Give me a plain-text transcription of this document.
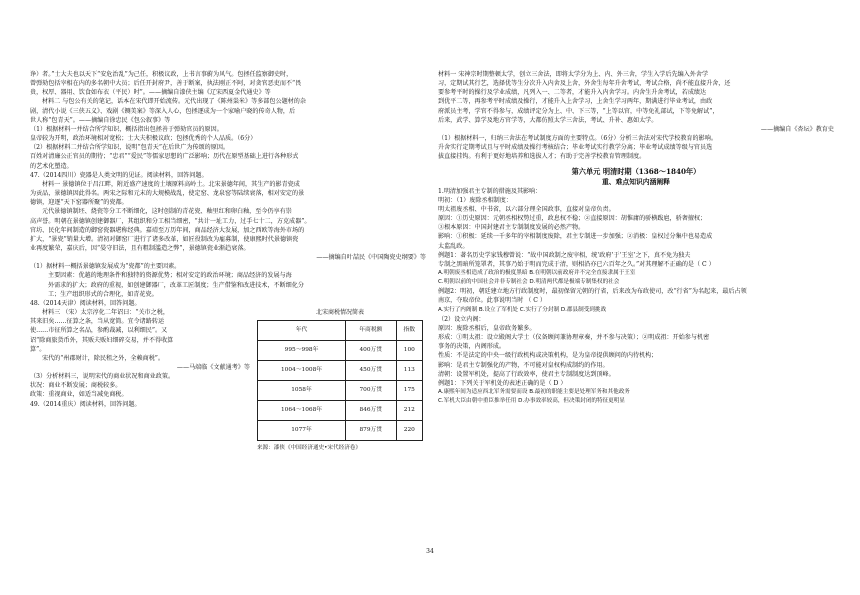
诤）者。”士大夫也以天下“安危治乱”为己任，积极议政，上书言事蔚为风气。包拯任监察御史时，

曾弹劾包括宰相在内的多名朝中大员；后任开封府尹，善于断案，执法刚正不阿，对贪官恶吏而不“畏

贵，权厚、器用、饮食如布衣（平民）时”。——摘编自漆侠主编《辽宋西夏金代通史》等

材料二 与包公有关的笔记，话本在宋代即开始流传。元代出现了《陈州粜米》等多部包公题材的杂

剧，清代小说《三侠五义》、戏剧《铡美案》等深入人心，包拯逐成为一个家喻户晓的传奇人物，后

世人称“包青天”。——摘编自徐忠民《包公叙事》等

（1）根据材料一并结合所学知识，概括指出包拯善于弹劾官员的原因。

皇帝较为开明，政治环境相对宽松；士大夫积极议政；包拯优秀的个人品质。（6分）

（2）根据材料二并结合所学知识，说明“包青天”在后世广为传颂的原因。

百姓对清廉公正官员的期待；“忠君”“爱民”等儒家思想的广泛影响；历代在原型基础上进行各种形式

的艺术化塑造。

47.（2014四川）瓷器是人类文明的见证。阅读材料，回答问题。

材料一 景德镇位于昌江畔，附近盛产速度的土壤原料高岭土。北宋景德年间，其生产的影青瓷成

为贡品，景德镇因此得名。两宋之际和元末的大规模战乱，使定窑、龙泉窑等陆续衰落，相对安定的景

德镇，迎逐“天下窑器所聚”的瓷都。

元代景德镇制坯、烧瓷等分工不断细化，这时创制的青花瓷、釉里红和卵白釉，至今仍享有崇

高声誉。明朝在景德镇创建御器厂，其组织和分工相当细密，“共计一址工力，过手七十二，方克成器”。

官坊、民化年间制造的御窑瓷器堪称经典。嘉靖至万历年间，商品经济大发展，加之西欧等海外市场的

扩大，“景瓷”销量大增。清初对御窑厂进行了诸多改革，如匠役制改为雇募制，使康熙时代景德镇瓷

业再度繁荣，嘉庆后，因“晏守旧法，且有粗制滥造之弊”，景德镇瓷业渐趋衰落。

——摘编自叶喆民《中国陶瓷史纲要》等

（1）据材料一概括景德镇发展成为“瓷都”的主要因素。

主要因素：优越的地理条件和独特的资源优势；相对安定的政治环境；商品经济的发展与海

外需求的扩大；政府的重视，如创建御器厂，改革工匠制度；生产借鉴和改进技术，不断细化分

工；生产组织形式的合理化，如青花瓷。

48.（2014天津）阅读材料，回答问题。

材料三 （宋）太宗淳化二年诏曰：“关市之税，

其来旧矣……征算之条，当从宽简。宜令诸路转运

使……市征所算之名品，参酌裁减，以利细民”。又

诏“除商旅货币外，其贩夫贩妇细碎交易，并不得收算

算”。

宋代的“州郡财计，除民租之外，全赖商税”。

——马端临《文献通考》等

（3）分析材料三，说明宋代的商业状况和商业政策。

状况：商业不断发展；商税较多。

政策：重视商业，如适当减免商税。

49.（2014重庆）阅读材料，回答问题。

北宋商税情况简表
年代	年商税额	指数
995～998年	400万贯	100
1004～1008年	450万贯	113
1058年	700万贯	175
1064～1068年	846万贯	212
1077年	879万贯	220
来源：漆侠《中国经济通史•宋代经济卷》

材料一 宋神宗时期整顿太学，创立三舍法，即将太学分为上、内、外三舍，学生入学后先编入外舍学

习，定期试其行艺，选择优等生分次升入内舍及上舍，外舍生每年升舍考试，考试合格，尚不能直接升舍，还

要参考平时的操行及学业成绩，凡列入一、二等者，才能升入内舍学习。内舍生升舍考试，若成绩达

到优平二等，再参考平时成绩及操行，才能升入上舍学习，上舍生学习两年，期满进行毕业考试，由政

府派员主考，学官不得参与，成绩评定分为上、中、下三等，“上等以官，中等免礼部试，下等免解试”，

后来，武学、算学及地方官学等，大都仿照太学三舍法，考试、升补、惠如太学。

——摘编自《杏坛》教育史

（1）根据材料一，归纳三舍法在考试制度方面的主要特点。（6分）分析三舍法对宋代学校教育的影响。

升舍实行定期考试且与平时成绩及操行考核结合；毕业考试实行教学分离；毕业考试成绩等级与官员选

拔直接挂钩。有利于更好地培养和选拔人才；有助于完善学校教育管理制度。

第六单元 明清时期（1368～1840年）

重、难点知识内涵阐释

1.明清加强君主专制的措施及其影响：

明初：（1）废除丞相制度：

明太祖废丞相、中书省，以六部分理全国政事，直接对皇帝负责。

原因：①历史原因：元朝丞相权势过重，政息权不稳；②直接原因：胡惟庸的骄横跋扈，骄奢擅权；

③根本原因：中国封建君主专制制度发展的必然产物。

影响：①积极：延续一千多年的宰相制度废除，君主专制进一步加强；②消极：皇权过分集中也易造成

太监乱政。

例题1：著名历史学家钱穆曾说：“故中国政制之废宰相，统‘政府’于‘王室’之下，真不免为独夫

专制之黑暗所笼罩者，其事乃始于明而完成于清，则相沿亦已六百年之久。”对其理解不正确的是（ C ）

A.明朝废丞相造成了政治的极度黑暗 B.在明朝以前政府并不完全直接隶属于王室

C.明朝以前的中国社会并非专制社会 D.明清两代都是极端专制集权的社会

例题2：明初，朝廷建立地方行政制度时，最初保留元朝的行省，后来改为布政使司，改“行省”为名起来，最后占领

南京，夺取帝位。此事说明当时 （ C ）

A.实行了内阁制 B.设立了军机处 C.实行了分封制 D.郡县制受到挑战

（2）设立内阁：

原因：废除丞相后，皇帝政务繁多。

形成：①明太祖：设立殿阁大学士（仪备顾问兼协理章奏，并不参与决策）；②明成祖：开始参与机密

事务的决策，内阁形成。

性质：不是法定的中央一级行政机构或决策机构，是为皇帝提供顾问的内待机构；

影响：是君主专制强化的产物，不可能对皇权构成制约的作用。

清朝：设置军机处，提高了行政效率，使君主专制制度达到顶峰。

例题1：下列关于军机处的表述正确的是（ D ）

A.康熙年间为适应西北军务需要而设 B.最初的职能主要是处理军务和其他政务

C.军机大臣由朝中重臣推举任用 D.办事效率较高，但决策封闭的特征更明显

34
